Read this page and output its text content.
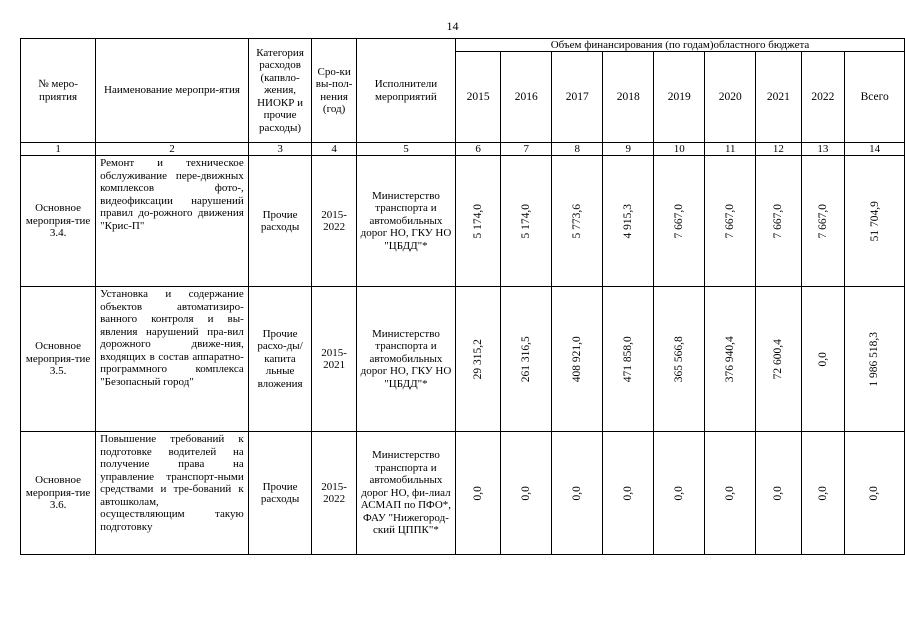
14
№ меро-приятия	Наименование меропри-ятия	Категория расходов (капвло-жения, НИОКР и прочие расходы)	Сро-ки вы-пол-нения (год)	Исполнители мероприятий	Объем финансирования (по годам)областного бюджета								
					2015	2016	2017	2018	2019	2020	2021	2022	Всего
1	2	3	4	5	6	7	8	9	10	11	12	13	14
Основное мероприя-тие 3.4.	Ремонт и техническое обслуживание пере-движных комплексов фото-, видеофиксации нарушений правил до-рожного движения "Крис-П"	Прочие расходы	2015-2022	Министерство транспорта и автомобильных дорог НО, ГКУ НО "ЦБДД"*	5 174,0	5 174,0	5 773,6	4 915,3	7 667,0	7 667,0	7 667,0	7 667,0	51 704,9

Основное мероприя-тие 3.5.	Установка и содержание объектов автоматизиро-ванного контроля и вы-явления нарушений пра-вил дорожного движе-ния, входящих в состав аппаратно-программного комплекса "Безопасный город"	Прочие расхо-ды/капита льные вложения	2015-2021	Министерство транспорта и автомобильных дорог НО, ГКУ НО "ЦБДД"*	29 315,2	261 316,5	408 921,0	471 858,0	365 566,8	376 940,4	72 600,4	0,0	1 986 518,3

Основное мероприя-тие 3.6.	Повышение требований к подготовке водителей на получение права на управление транспорт-ными средствами и тре-бований к автошколам, осуществляющим такую подготовку	Прочие расходы	2015-2022	Министерство транспорта и автомобильных дорог НО, фи-лиал АСМАП по ПФО*, ФАУ "Нижегород-ский ЦППК"*	0,0	0,0	0,0	0,0	0,0	0,0	0,0	0,0	0,0
